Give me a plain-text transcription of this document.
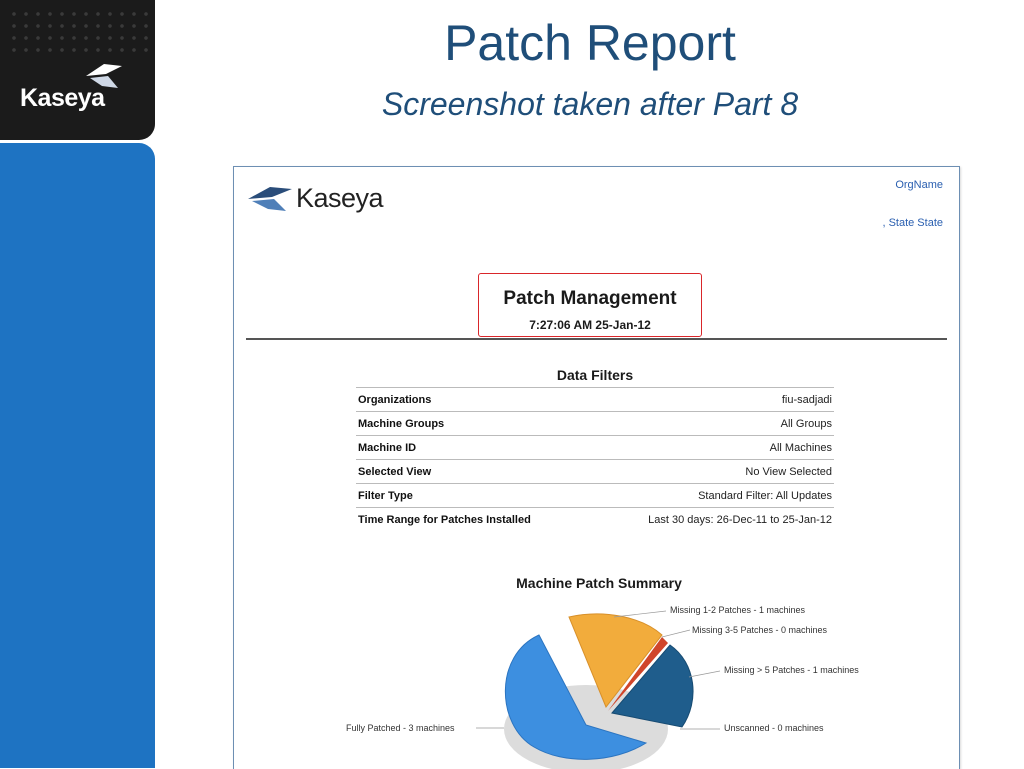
Kaseya
Patch Report
Screenshot taken after Part 8
Kaseya	OrgName
, State State
Patch Management
7:27:06 AM 25-Jan-12
Data Filters
Organizations	fiu-sadjadi
Machine Groups	All Groups
Machine ID	All Machines
Selected View	No View Selected
Filter Type	Standard Filter: All Updates
Time Range for Patches Installed	Last 30 days: 26-Dec-11 to 25-Jan-12
Machine Patch Summary
Missing 1-2 Patches - 1 machines
Missing 3-5 Patches - 0 machines
Missing > 5 Patches - 1 machines
Unscanned - 0 machines
Fully Patched - 3 machines
